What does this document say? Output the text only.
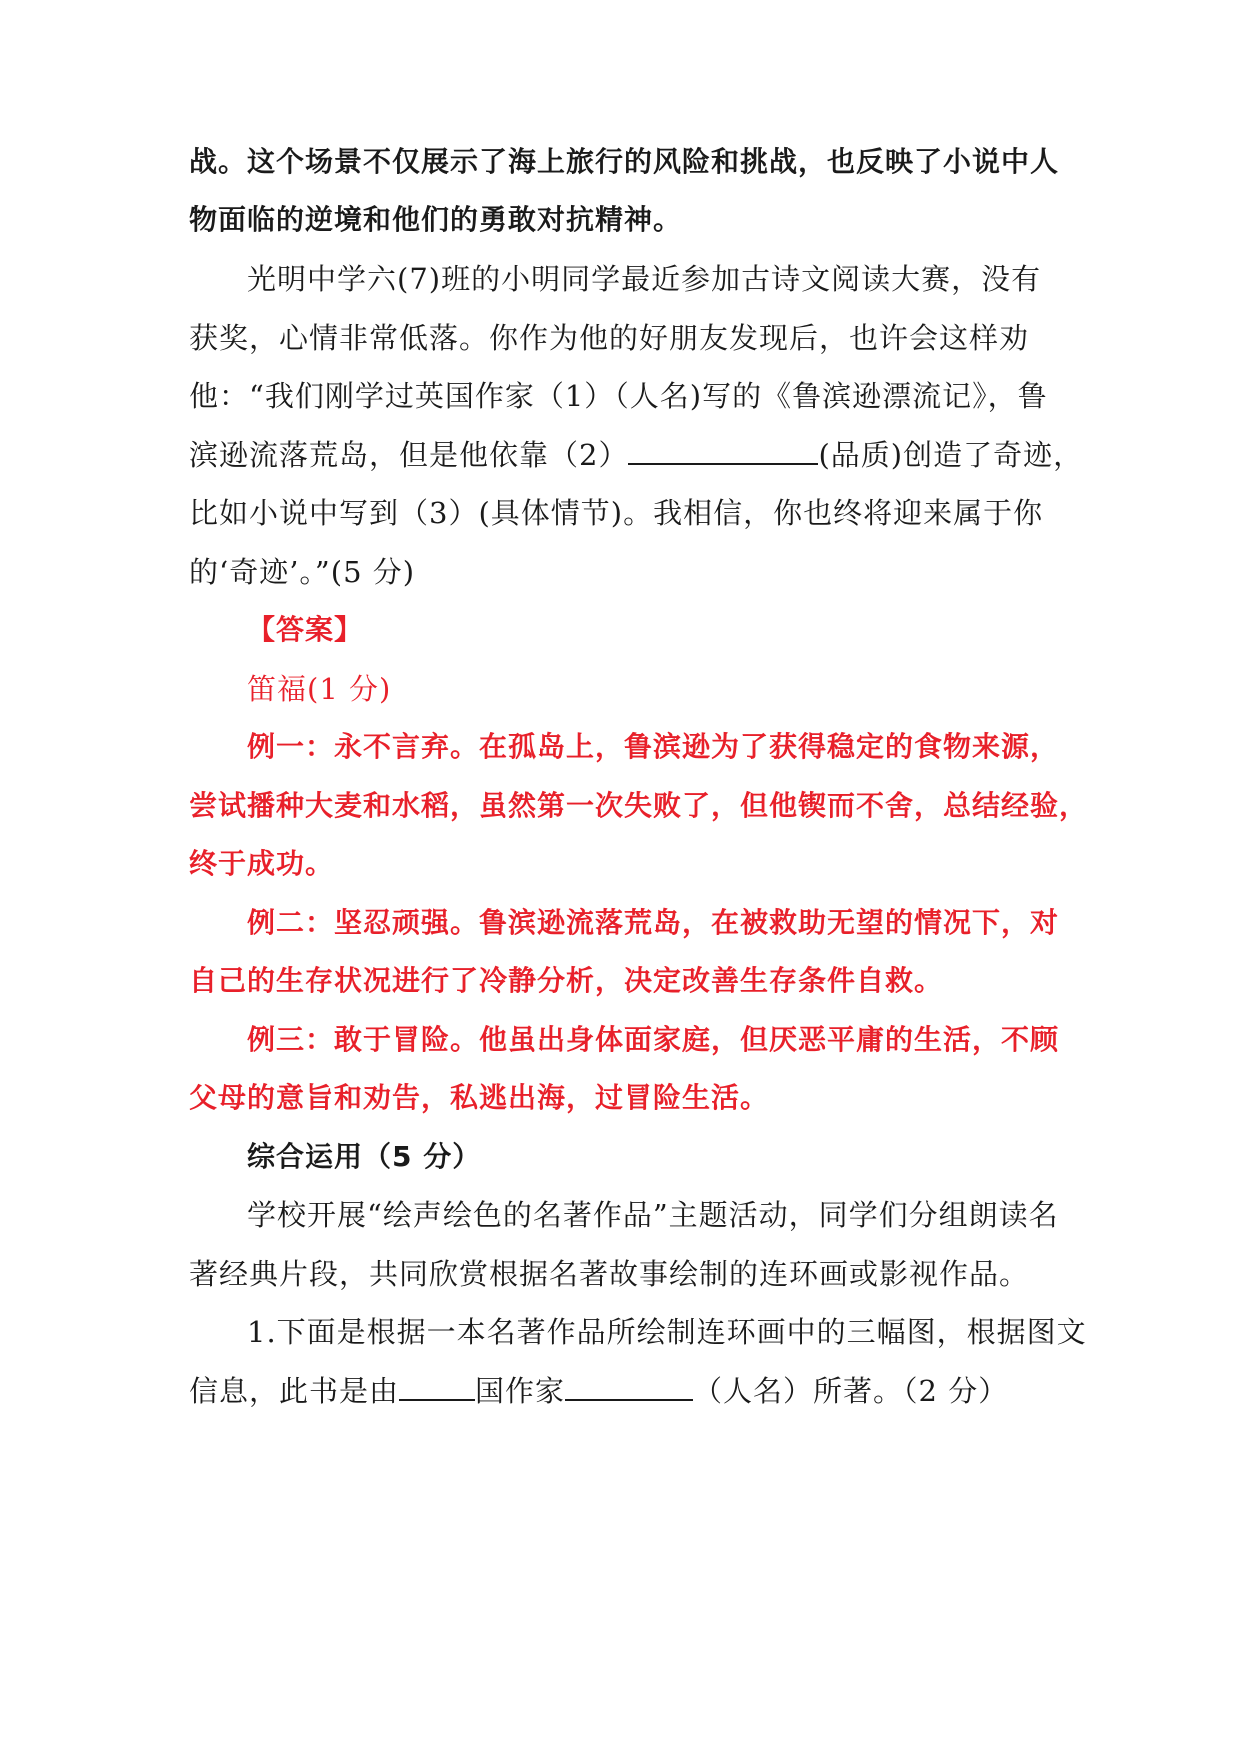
战。这个场景不仅展示了海上旅行的风险和挑战，也反映了小说中人
物面临的逆境和他们的勇敢对抗精神。
光明中学六(7)班的小明同学最近参加古诗文阅读大赛，没有
获奖，心情非常低落。你作为他的好朋友发现后，也许会这样劝
他：“我们刚学过英国作家（1）（人名)写的《鲁滨逊漂流记》，鲁
滨逊流落荒岛，但是他依靠（2）	(品质)创造了奇迹，
比如小说中写到（3）(具体情节)。我相信，你也终将迎来属于你
的‘奇迹’。”(5 分)
【答案】
笛福(1 分)
例一：永不言弃。在孤岛上，鲁滨逊为了获得稳定的食物来源，
尝试播种大麦和水稻，虽然第一次失败了，但他锲而不舍，总结经验，
终于成功。
例二：坚忍顽强。鲁滨逊流落荒岛，在被救助无望的情况下，对
自己的生存状况进行了冷静分析，决定改善生存条件自救。
例三：敢于冒险。他虽出身体面家庭，但厌恶平庸的生活，不顾
父母的意旨和劝告，私逃出海，过冒险生活。
综合运用（5 分）
学校开展“绘声绘色的名著作品”主题活动，同学们分组朗读名
著经典片段，共同欣赏根据名著故事绘制的连环画或影视作品。
1.下面是根据一本名著作品所绘制连环画中的三幅图，根据图文
信息，此书是由	国作家	（人名）所著。（2 分）
